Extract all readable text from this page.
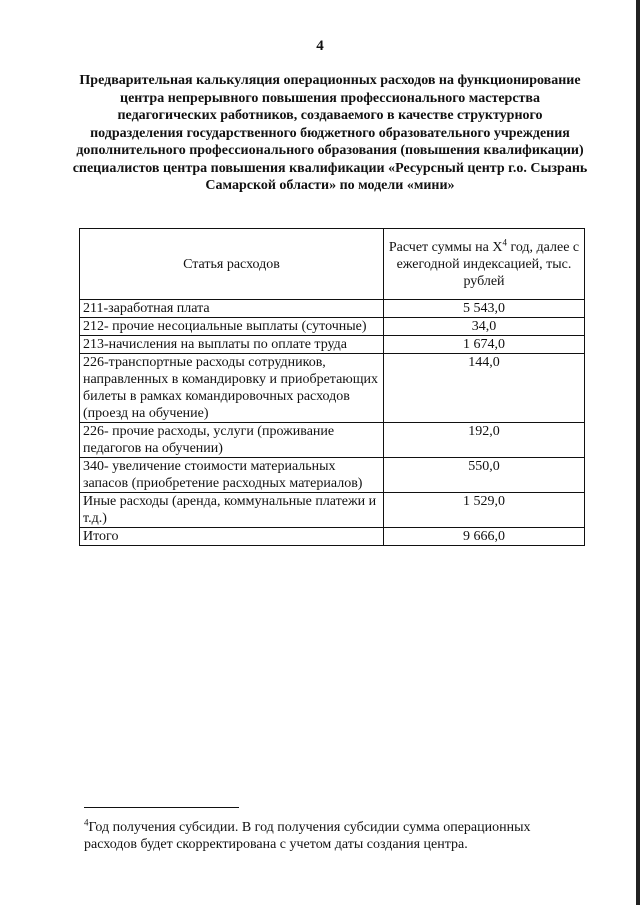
4

Предварительная калькуляция операционных расходов на функционирование центра непрерывного повышения профессионального мастерства педагогических работников, создаваемого в качестве структурного подразделения государственного бюджетного образовательного учреждения дополнительного профессионального образования (повышения квалификации) специалистов центра повышения квалификации «Ресурсный центр г.о. Сызрань Самарской области» по модели «мини»

Статья расходов	Расчет суммы на $Х^4$ год, далее с ежегодной индексацией, тыс. рублей
211-заработная плата	5 543,0
212- прочие несоциальные выплаты (суточные)	34,0
213-начисления на выплаты по оплате труда	1 674,0
226-транспортные расходы сотрудников, направленных в командировку и приобретающих билеты в рамках командировочных расходов (проезд на обучение)	144,0
226- прочие расходы, услуги (проживание педагогов на обучении)	192,0
340- увеличение стоимости материальных запасов (приобретение расходных материалов)	550,0
Иные расходы (аренда, коммунальные платежи и т.д.)	1 529,0
Итого	9 666,0

$^4$Год получения субсидии. В год получения субсидии сумма операционных расходов будет скорректирована с учетом даты создания центра.
